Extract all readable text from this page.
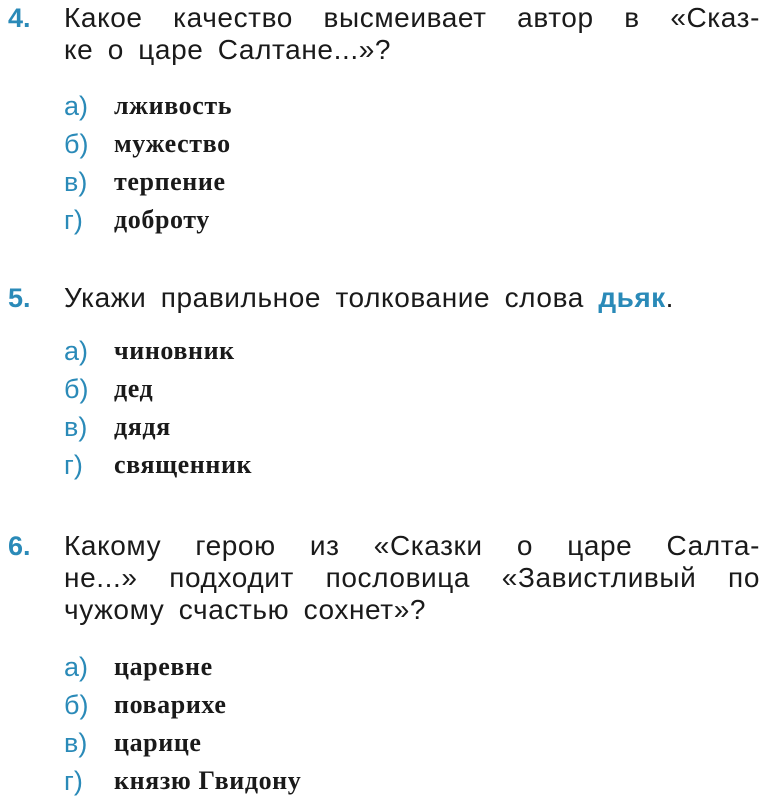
4. Какое качество высмеивает автор в «Сказ-
ке о царе Салтане...»?
а) лживость
б) мужество
в)	терпение
г)	доброту
5. Укажи правильное толкование слова дьяк.
а) чиновник
б) дед
в)	дядя
г)	священник
6. Какому герою из «Сказки о царе Салта-
не...» подходит пословица «Завистливый по
чужому счастью сохнет»?
а) царевне
б) поварихе
в)	царице
г)	князю Гвидону
